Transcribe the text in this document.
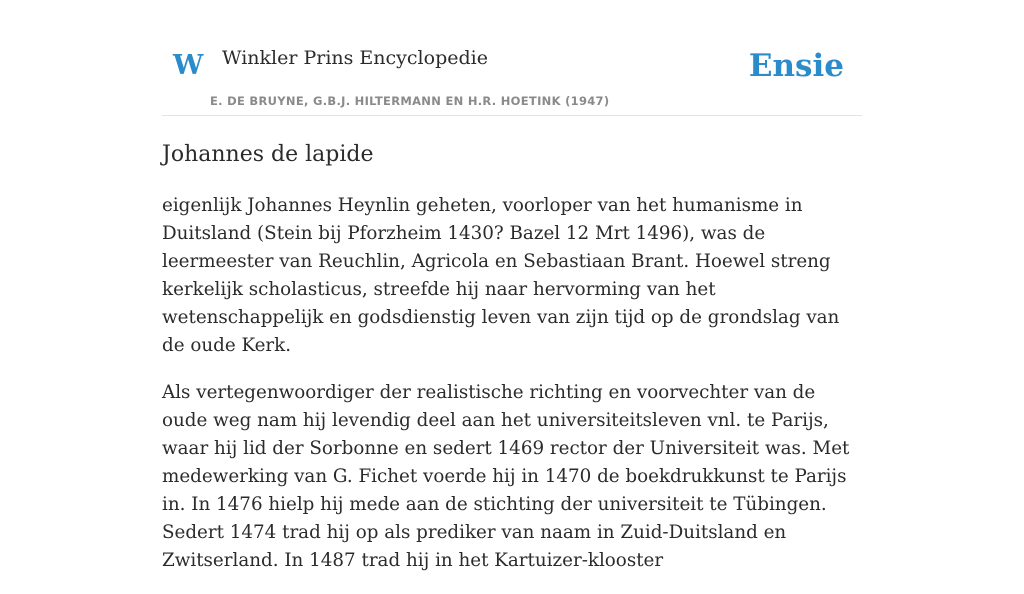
W Winkler Prins Encyclopedie
E. DE BRUYNE, G.B.J. HILTERMANN EN H.R. HOETINK (1947)
Ensie
Johannes de lapide

eigenlijk Johannes Heynlin geheten, voorloper van het humanisme in Duitsland (Stein bij Pforzheim 1430? Bazel 12 Mrt 1496), was de leermeester van Reuchlin, Agricola en Sebastiaan Brant. Hoewel streng kerkelijk scholasticus, streefde hij naar hervorming van het wetenschappelijk en godsdienstig leven van zijn tijd op de grondslag van de oude Kerk.

Als vertegenwoordiger der realistische richting en voorvechter van de oude weg nam hij levendig deel aan het universiteitsleven vnl. te Parijs, waar hij lid der Sorbonne en sedert 1469 rector der Universiteit was. Met medewerking van G. Fichet voerde hij in 1470 de boekdrukkunst te Parijs in. In 1476 hielp hij mede aan de stichting der universiteit te Tübingen. Sedert 1474 trad hij op als prediker van naam in Zuid-Duitsland en Zwitserland. In 1487 trad hij in het Kartuizer-klooster
